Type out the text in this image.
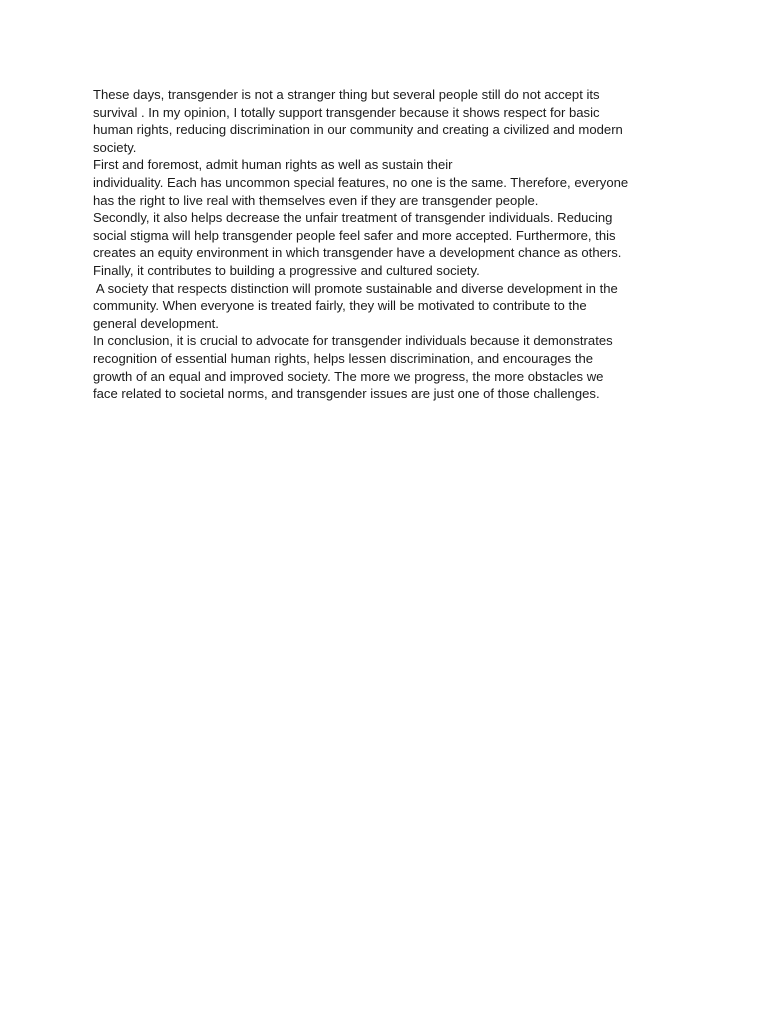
These days, transgender is not a stranger thing but several people still do not accept its
survival . In my opinion, I totally support transgender because it shows respect for basic
human rights, reducing discrimination in our community and creating a civilized and modern
society.
First and foremost, admit human rights as well as sustain their
individuality. Each has uncommon special features, no one is the same. Therefore, everyone
has the right to live real with themselves even if they are transgender people.
Secondly, it also helps decrease the unfair treatment of transgender individuals. Reducing
social stigma will help transgender people feel safer and more accepted. Furthermore, this
creates an equity environment in which transgender have a development chance as others.
Finally, it contributes to building a progressive and cultured society.
A society that respects distinction will promote sustainable and diverse development in the
community. When everyone is treated fairly, they will be motivated to contribute to the
general development.
In conclusion, it is crucial to advocate for transgender individuals because it demonstrates
recognition of essential human rights, helps lessen discrimination, and encourages the
growth of an equal and improved society. The more we progress, the more obstacles we
face related to societal norms, and transgender issues are just one of those challenges.
